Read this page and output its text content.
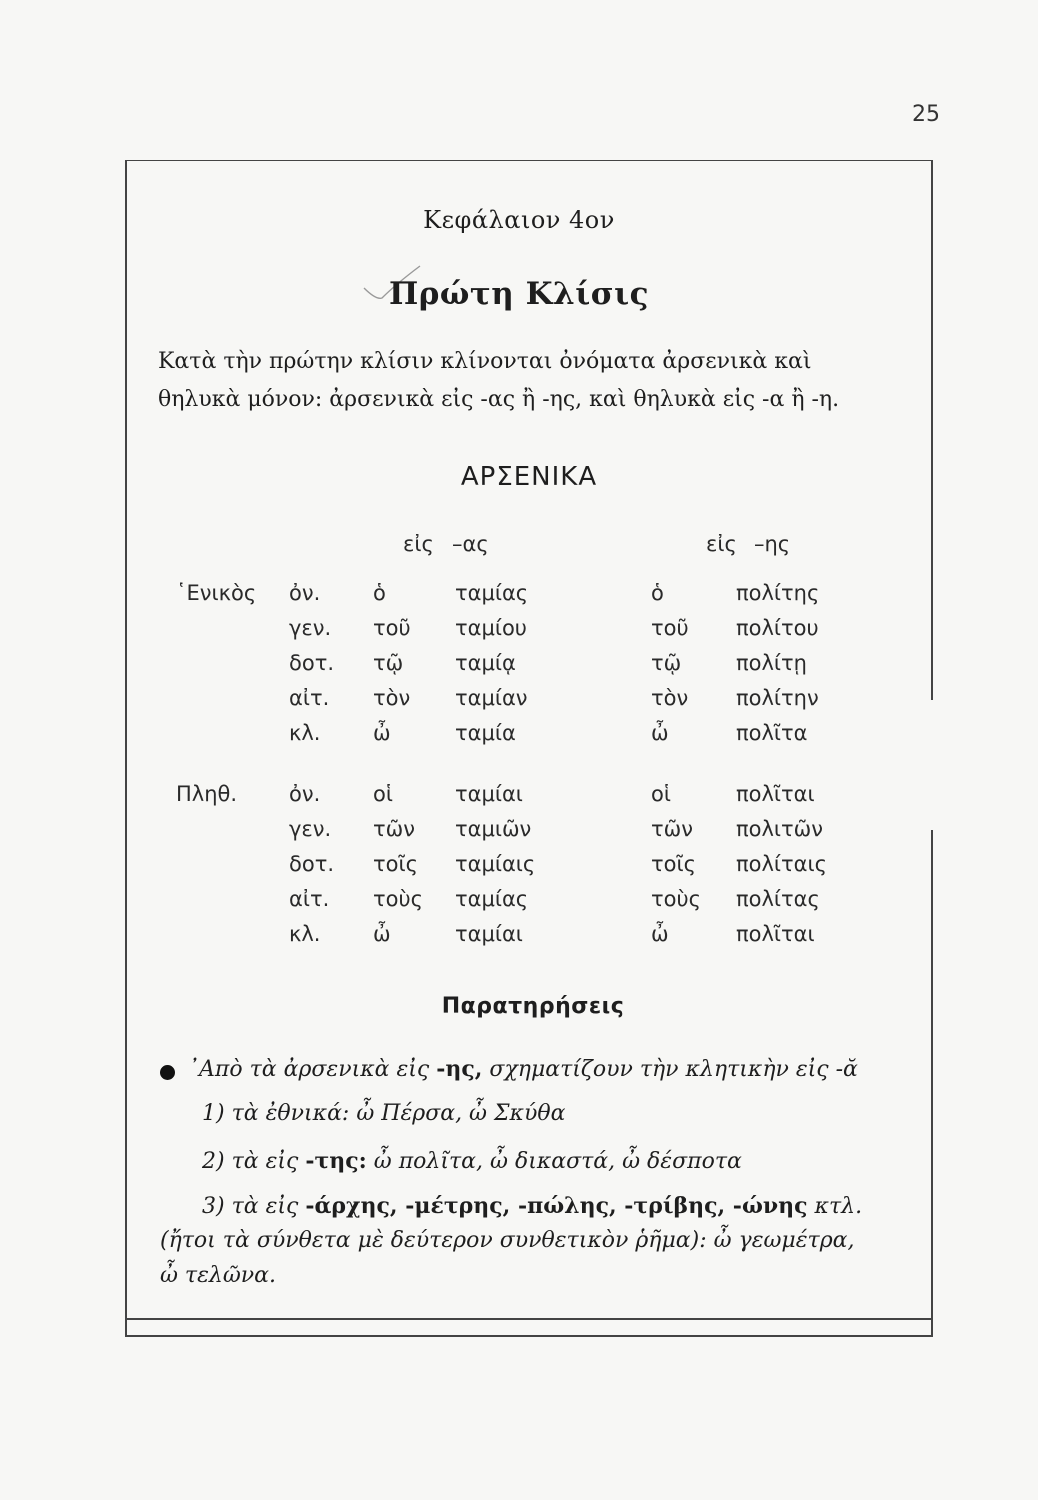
25
Κεφάλαιον 4ον
Πρώτη Κλίσις
Κατὰ τὴν πρώτην κλίσιν κλίνονται ὀνόματα ἀρσενικὰ καὶ
θηλυκὰ μόνον: ἀρσενικὰ εἰς -ας ἢ -ης, καὶ θηλυκὰ εἰς -α ἢ -η.
ΑΡΣΕΝΙΚΑ
εἰς –ας	εἰς –ης
῾Ενικὸς ὀν.	ὁ	ταμίας	ὁ	πολίτης
γεν. τοῦ ταμίου	τοῦ πολίτου
δοτ. τῷ ταμίᾳ	τῷ	πολίτῃ
αἰτ. τὸν ταμίαν	τὸν πολίτην
κλ.	ὦ	ταμία	ὦ	πολῖτα
Πληθ. ὀν.	οἱ	ταμίαι	οἱ	πολῖται
γεν. τῶν ταμιῶν	τῶν πολιτῶν
δοτ. τοῖς ταμίαις	τοῖς πολίταις
αἰτ. τοὺς ταμίας	τοὺς πολίτας
κλ.	ὦ	ταμίαι	ὦ	πολῖται
Παρατηρήσεις
᾿Απὸ τὰ ἀρσενικὰ εἰς -ης, σχηματίζουν τὴν κλητικὴν εἰς -ᾰ
1) τὰ ἐθνικά: ὦ Πέρσα, ὦ Σκύθα
2) τὰ εἰς -της: ὦ πολῖτα, ὦ δικαστά, ὦ δέσποτα
3) τὰ εἰς -άρχης, -μέτρης, -πώλης, -τρίβης, -ώνης κτλ.
(ἤτοι τὰ σύνθετα μὲ δεύτερον συνθετικὸν ῥῆμα): ὦ γεωμέτρα,
ὦ τελῶνα.
